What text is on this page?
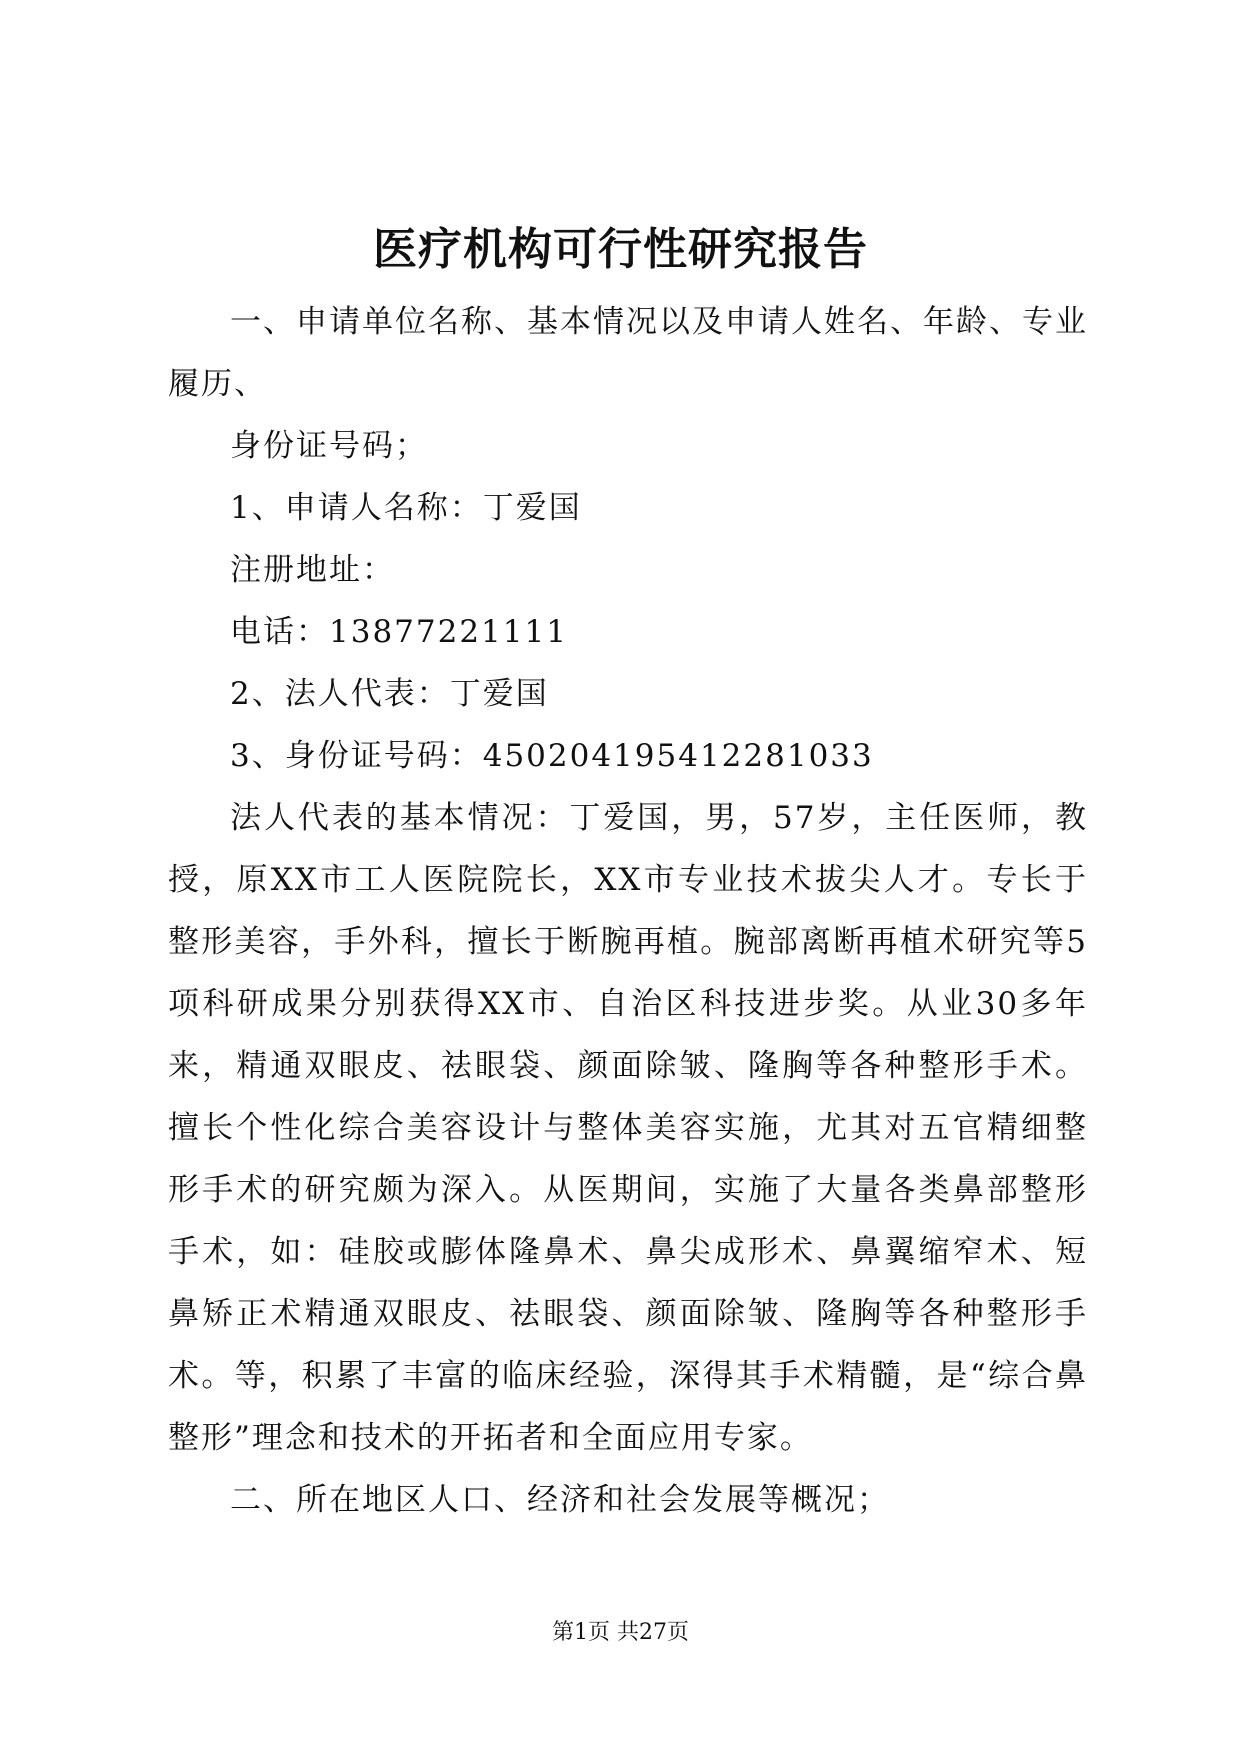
医疗机构可行性研究报告

一、申请单位名称、基本情况以及申请人姓名、年龄、专业履历、

身份证号码；

1、申请人名称：丁爱国

注册地址：

电话：13877221111

2、法人代表：丁爱国

3、身份证号码：450204195412281033

法人代表的基本情况：丁爱国，男，57岁，主任医师，教授，原XX市工人医院院长，XX市专业技术拔尖人才。专长于整形美容，手外科，擅长于断腕再植。腕部离断再植术研究等5项科研成果分别获得XX市、自治区科技进步奖。从业30多年来，精通双眼皮、祛眼袋、颜面除皱、隆胸等各种整形手术。擅长个性化综合美容设计与整体美容实施，尤其对五官精细整形手术的研究颇为深入。从医期间，实施了大量各类鼻部整形手术，如：硅胶或膨体隆鼻术、鼻尖成形术、鼻翼缩窄术、短鼻矫正术精通双眼皮、祛眼袋、颜面除皱、隆胸等各种整形手术。等，积累了丰富的临床经验，深得其手术精髓，是“综合鼻整形”理念和技术的开拓者和全面应用专家。

二、所在地区人口、经济和社会发展等概况；

第1页 共27页
